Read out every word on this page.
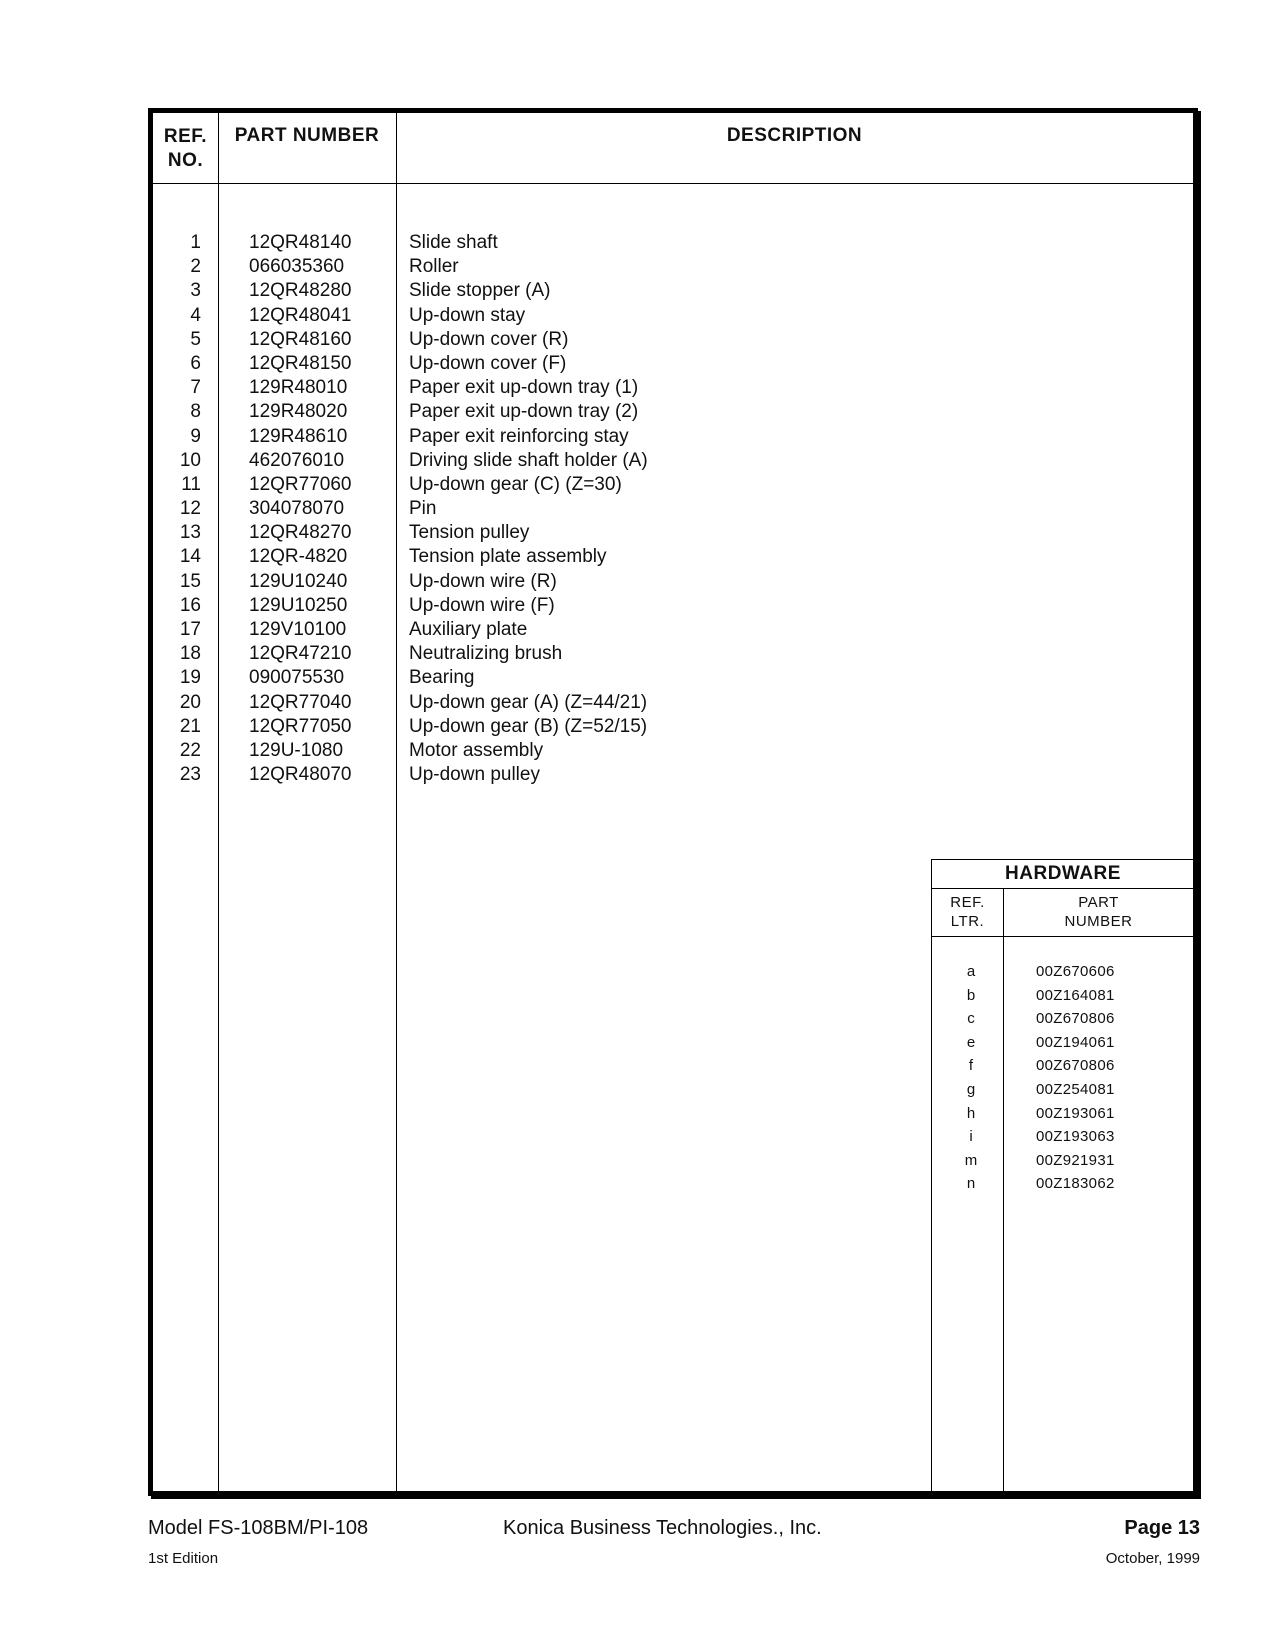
REF.
NO.
PART NUMBER	DESCRIPTION
1	12QR48140	Slide shaft
2	066035360	Roller
3	12QR48280	Slide stopper (A)
4	12QR48041	Up-down stay
5	12QR48160	Up-down cover (R)
6	12QR48150	Up-down cover (F)
7	129R48010	Paper exit up-down tray (1)
8	129R48020	Paper exit up-down tray (2)
9	129R48610	Paper exit reinforcing stay
10	462076010	Driving slide shaft holder (A)
11	12QR77060	Up-down gear (C) (Z=30)
12	304078070	Pin
13	12QR48270	Tension pulley
14	12QR-4820	Tension plate assembly
15	129U10240	Up-down wire (R)
16	129U10250	Up-down wire (F)
17	129V10100	Auxiliary plate
18	12QR47210	Neutralizing brush
19	090075530	Bearing
20	12QR77040	Up-down gear (A) (Z=44/21)
21	12QR77050	Up-down gear (B) (Z=52/15)
22	129U-1080	Motor assembly
23	12QR48070	Up-down pulley
HARDWARE
REF.
LTR.
PART
NUMBER
a	00Z670606
b	00Z164081
c	00Z670806
e	00Z194061
f	00Z670806
g	00Z254081
h	00Z193061
i	00Z193063
m	00Z921931
n	00Z183062
Model FS-108BM/PI-108
1st Edition
Konica Business Technologies., Inc.	Page 13
October, 1999
